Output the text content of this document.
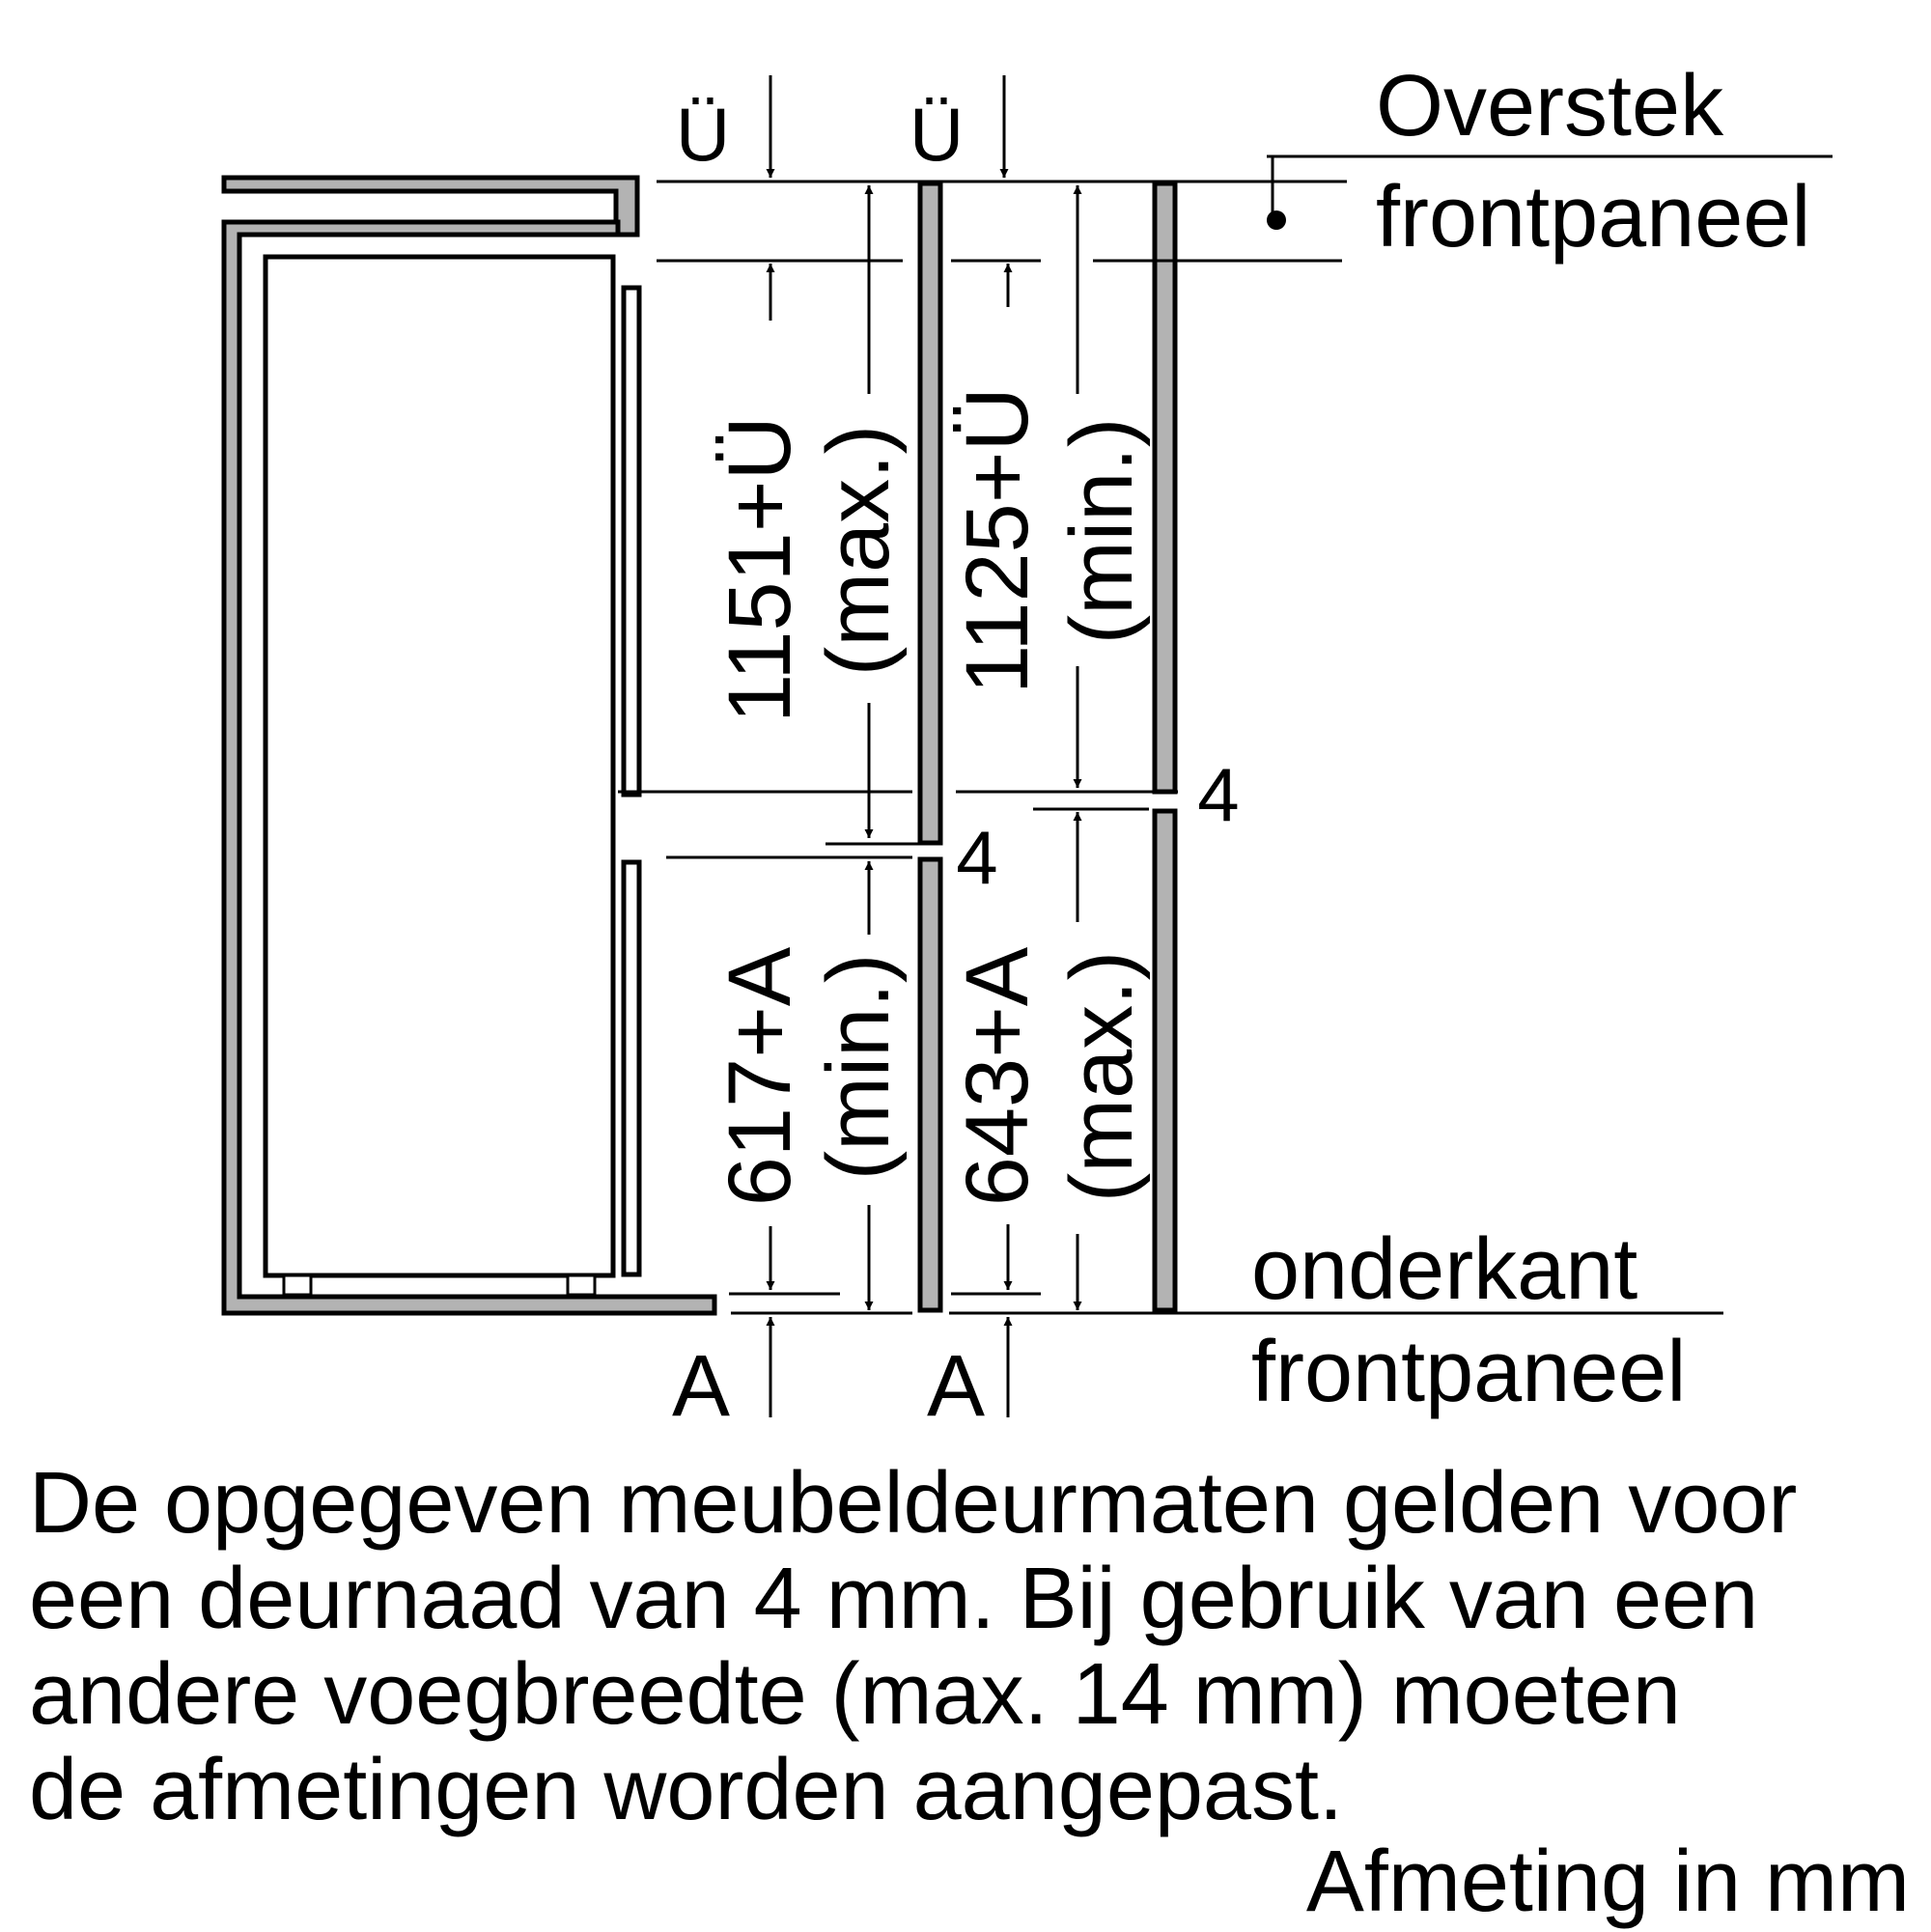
Ü Ü	Overstek
frontpaneel
1151+Ü (max.) 1125+Ü (min.)
4
4
617+A (min.) 643+A (max.)
onderkant
frontpaneel
A A
De opgegeven meubeldeurmaten gelden voor
een deurnaad van 4 mm. Bij gebruik van een
andere voegbreedte (max. 14 mm) moeten
de afmetingen worden aangepast.
Afmeting in mm
